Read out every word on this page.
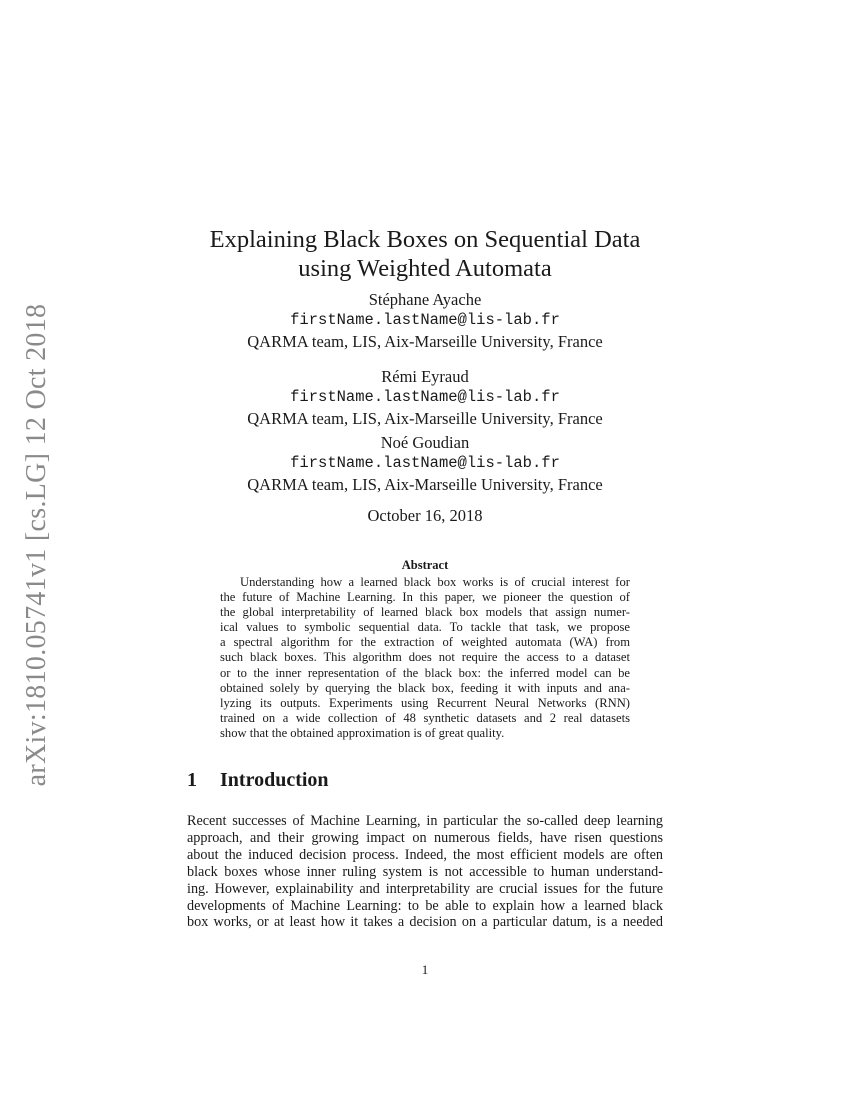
arXiv:1810.05741v1 [cs.LG] 12 Oct 2018
Explaining Black Boxes on Sequential Data
using Weighted Automata
Stéphane Ayache
firstName.lastName@lis-lab.fr
QARMA team, LIS, Aix-Marseille University, France
Rémi Eyraud
firstName.lastName@lis-lab.fr
QARMA team, LIS, Aix-Marseille University, France
Noé Goudian
firstName.lastName@lis-lab.fr
QARMA team, LIS, Aix-Marseille University, France
October 16, 2018
Abstract
Understanding how a learned black box works is of crucial interest for
the future of Machine Learning. In this paper, we pioneer the question of
the global interpretability of learned black box models that assign numer-
ical values to symbolic sequential data. To tackle that task, we propose
a spectral algorithm for the extraction of weighted automata (WA) from
such black boxes. This algorithm does not require the access to a dataset
or to the inner representation of the black box: the inferred model can be
obtained solely by querying the black box, feeding it with inputs and ana-
lyzing its outputs. Experiments using Recurrent Neural Networks (RNN)
trained on a wide collection of 48 synthetic datasets and 2 real datasets
show that the obtained approximation is of great quality.
1 Introduction
Recent successes of Machine Learning, in particular the so-called deep learning
approach, and their growing impact on numerous fields, have risen questions
about the induced decision process. Indeed, the most efficient models are often
black boxes whose inner ruling system is not accessible to human understand-
ing. However, explainability and interpretability are crucial issues for the future
developments of Machine Learning: to be able to explain how a learned black
box works, or at least how it takes a decision on a particular datum, is a needed
1
